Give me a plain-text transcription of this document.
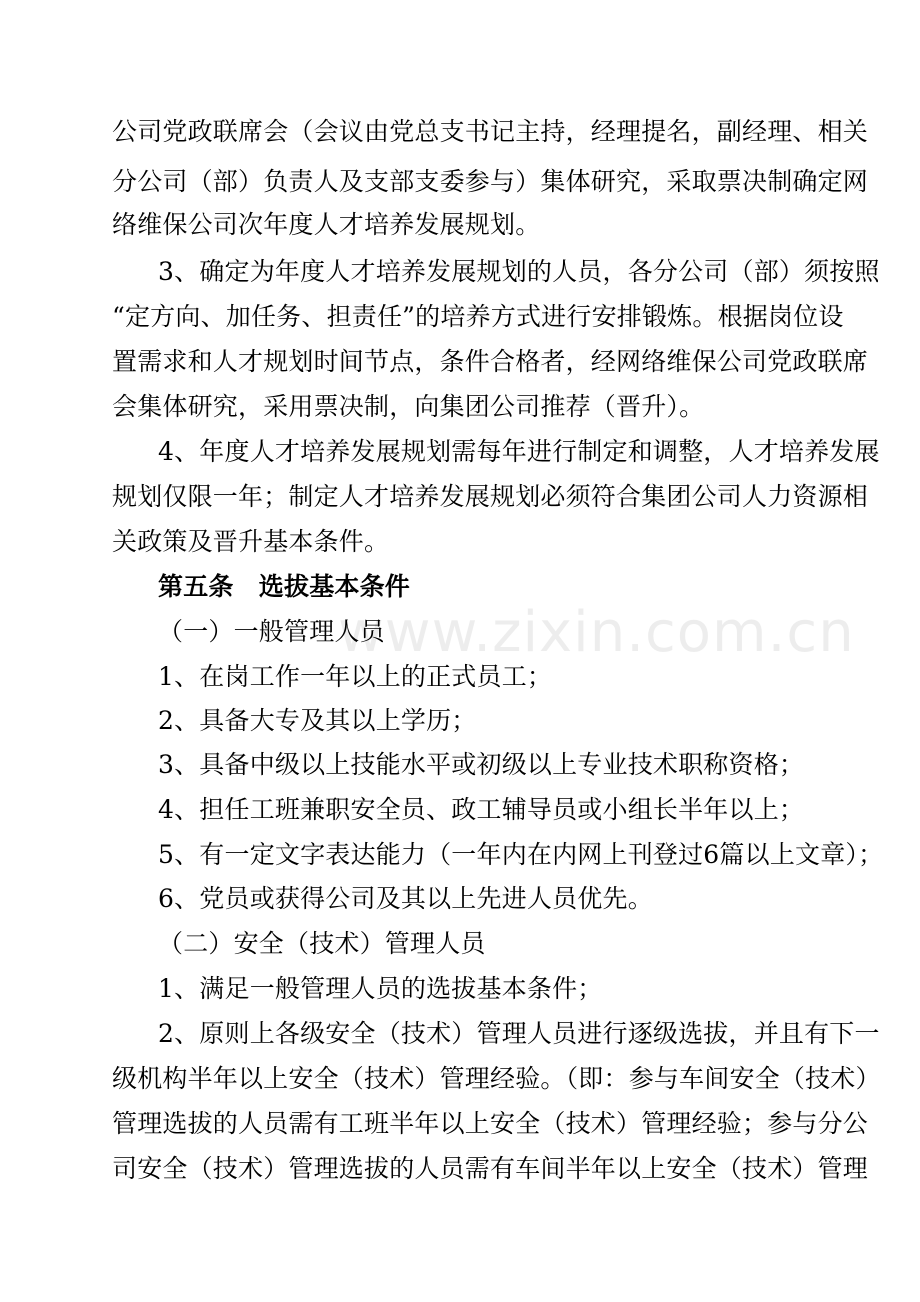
www.zixin.com.cn
公司党政联席会（会议由党总支书记主持，经理提名，副经理、相关
分公司（部）负责人及支部支委参与）集体研究，采取票决制确定网
络维保公司次年度人才培养发展规划。
3、确定为年度人才培养发展规划的人员，各分公司（部）须按照
“定方向、加任务、担责任”的培养方式进行安排锻炼。根据岗位设
置需求和人才规划时间节点，条件合格者，经网络维保公司党政联席
会集体研究，采用票决制，向集团公司推荐（晋升）。
4、年度人才培养发展规划需每年进行制定和调整，人才培养发展
规划仅限一年；制定人才培养发展规划必须符合集团公司人力资源相
关政策及晋升基本条件。
第五条　选拔基本条件
（一）一般管理人员
1、在岗工作一年以上的正式员工；
2、具备大专及其以上学历；
3、具备中级以上技能水平或初级以上专业技术职称资格；
4、担任工班兼职安全员、政工辅导员或小组长半年以上；
5、有一定文字表达能力（一年内在内网上刊登过6篇以上文章）；
6、党员或获得公司及其以上先进人员优先。
（二）安全（技术）管理人员
1、满足一般管理人员的选拔基本条件；
2、原则上各级安全（技术）管理人员进行逐级选拔，并且有下一
级机构半年以上安全（技术）管理经验。（即：参与车间安全（技术）
管理选拔的人员需有工班半年以上安全（技术）管理经验；参与分公
司安全（技术）管理选拔的人员需有车间半年以上安全（技术）管理
